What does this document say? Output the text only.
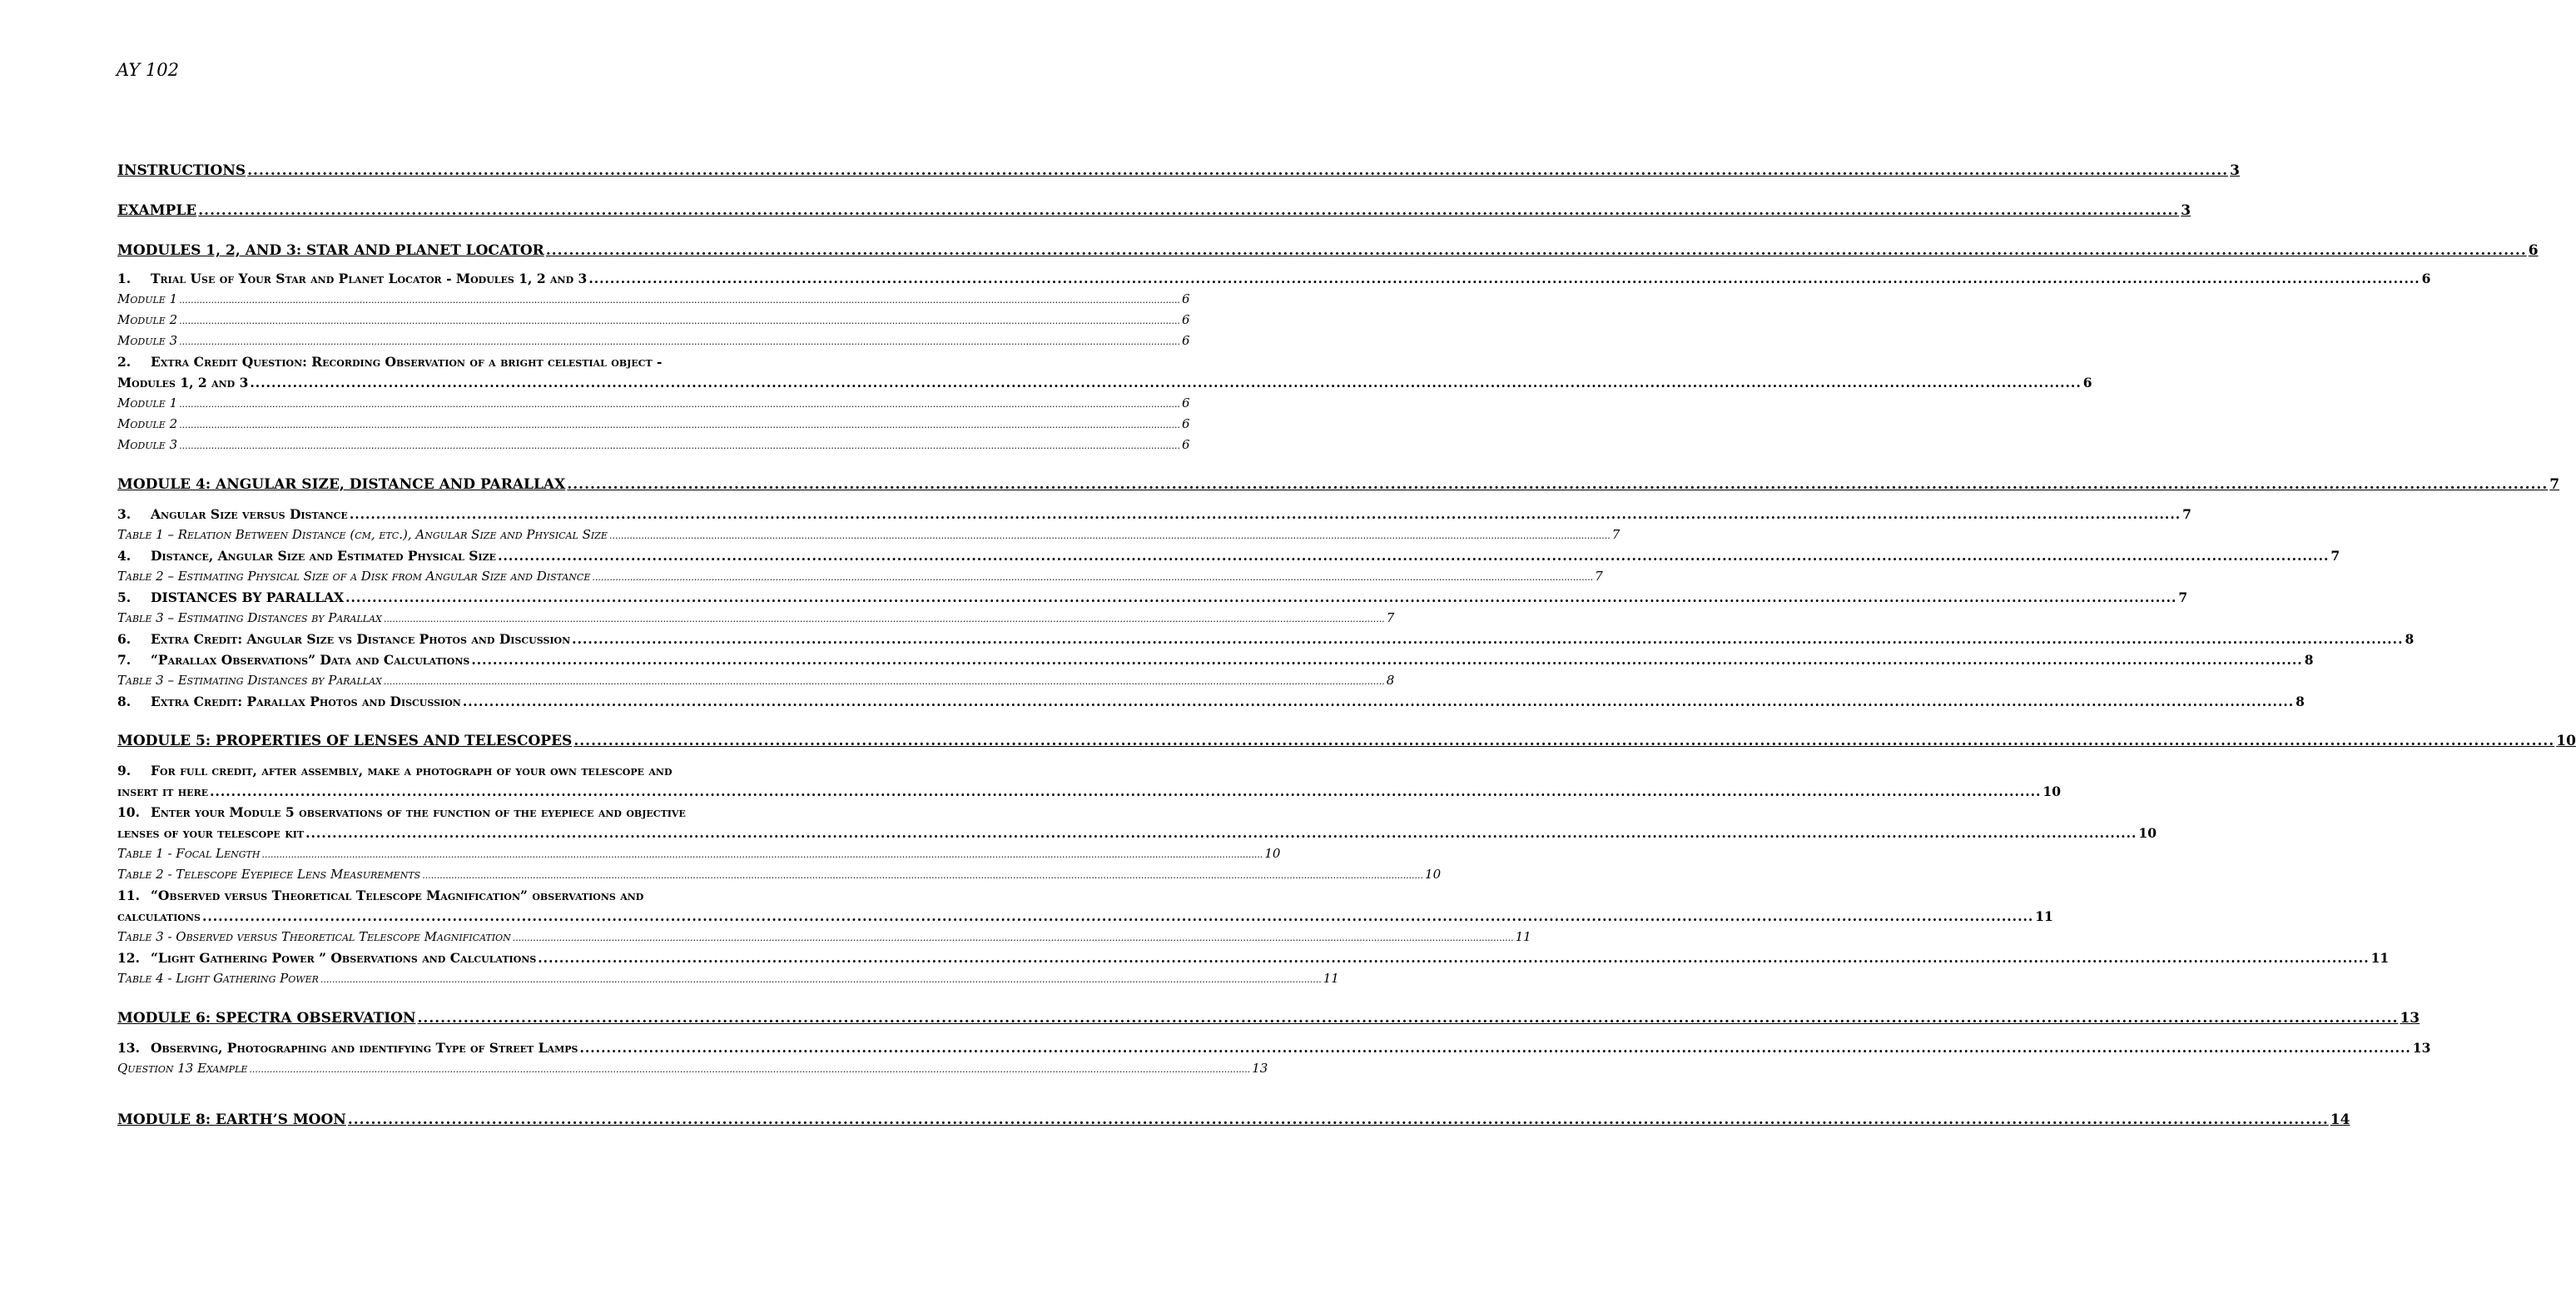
AY 102
INSTRUCTIONS .....	3
EXAMPLE .....	3
MODULES 1, 2, AND 3: STAR AND PLANET LOCATOR .....	6
1. Trial Use of Your Star and Planet Locator - Modules 1, 2 and 3 .....	6
Module 1 .....	6
Module 2 .....	6
Module 3 .....	6
2. Extra Credit Question: Recording Observation of a bright celestial object -
Modules 1, 2 and 3 .....	6
Module 1 .....	6
Module 2 .....	6
Module 3 .....	6
MODULE 4: ANGULAR SIZE, DISTANCE AND PARALLAX .....	7
3. Angular Size versus Distance .....	7
Table 1 – Relation Between Distance (cm, etc.), Angular Size and Physical Size .....	7
4. Distance, Angular Size and Estimated Physical Size .....	7
Table 2 – Estimating Physical Size of a Disk from Angular Size and Distance .....	7
5. DISTANCES BY PARALLAX .....	7
Table 3 – Estimating Distances by Parallax .....	7
6. Extra Credit: Angular Size vs Distance Photos and Discussion .....	8
7. “Parallax Observations” Data and Calculations .....	8
Table 3 – Estimating Distances by Parallax .....	8
8. Extra Credit: Parallax Photos and Discussion .....	8
MODULE 5: PROPERTIES OF LENSES AND TELESCOPES .....	10
9. For full credit, after assembly, make a photograph of your own telescope and
insert it here .....	10
10. Enter your Module 5 observations of the function of the eyepiece and objective
lenses of your telescope kit .....	10
Table 1 - Focal Length .....	10
Table 2 - Telescope Eyepiece Lens Measurements .....	10
11. “Observed versus Theoretical Telescope Magnification” observations and
calculations .....	11
Table 3 - Observed versus Theoretical Telescope Magnification .....	11
12. “Light Gathering Power ” Observations and Calculations .....	11
Table 4 - Light Gathering Power .....	11
MODULE 6: SPECTRA OBSERVATION .....	13
13. Observing, Photographing and identifying Type of Street Lamps .....	13
Question 13 Example .....	13
MODULE 8: EARTH’S MOON .....	14
